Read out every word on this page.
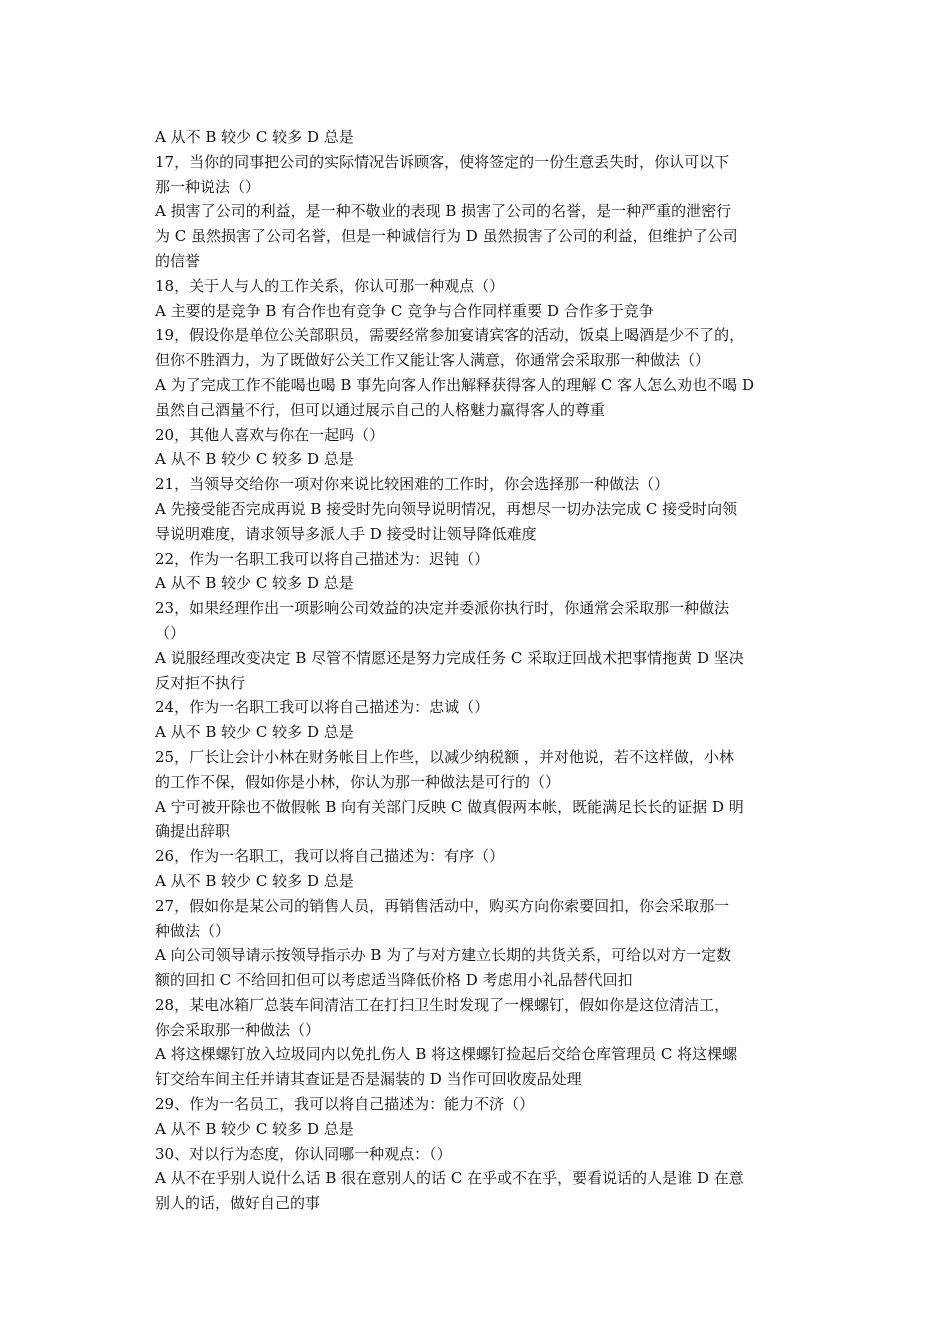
A 从不 B 较少 C 较多 D 总是
17，当你的同事把公司的实际情况告诉顾客，使将签定的一份生意丢失时，你认可以下
那一种说法（）
A 损害了公司的利益，是一种不敬业的表现 B 损害了公司的名誉，是一种严重的泄密行
为 C 虽然损害了公司名誉，但是一种诚信行为 D 虽然损害了公司的利益，但维护了公司
的信誉
18，关于人与人的工作关系，你认可那一种观点（）
A 主要的是竞争 B 有合作也有竞争 C 竞争与合作同样重要 D 合作多于竞争
19，假设你是单位公关部职员，需要经常参加宴请宾客的活动，饭桌上喝酒是少不了的，
但你不胜酒力，为了既做好公关工作又能让客人满意，你通常会采取那一种做法（）
A 为了完成工作不能喝也喝 B 事先向客人作出解释获得客人的理解 C 客人怎么劝也不喝 D
虽然自己酒量不行，但可以通过展示自己的人格魅力赢得客人的尊重
20，其他人喜欢与你在一起吗（）
A 从不 B 较少 C 较多 D 总是
21，当领导交给你一项对你来说比较困难的工作时，你会选择那一种做法（）
A 先接受能否完成再说 B 接受时先向领导说明情况，再想尽一切办法完成 C 接受时向领
导说明难度，请求领导多派人手 D 接受时让领导降低难度
22，作为一名职工我可以将自己描述为：迟钝（）
A 从不 B 较少 C 较多 D 总是
23，如果经理作出一项影响公司效益的决定并委派你执行时，你通常会采取那一种做法
（）
A 说服经理改变决定 B 尽管不情愿还是努力完成任务 C 采取迂回战术把事情拖黄 D 坚决
反对拒不执行
24，作为一名职工我可以将自己描述为：忠诚（）
A 从不 B 较少 C 较多 D 总是
25，厂长让会计小林在财务帐目上作些，以减少纳税额 ，并对他说，若不这样做，小林
的工作不保，假如你是小林，你认为那一种做法是可行的（）
A 宁可被开除也不做假帐 B 向有关部门反映 C 做真假两本帐，既能满足长长的证据 D 明
确提出辞职
26，作为一名职工，我可以将自己描述为：有序（）
A 从不 B 较少 C 较多 D 总是
27，假如你是某公司的销售人员，再销售活动中，购买方向你索要回扣，你会采取那一
种做法（）
A 向公司领导请示按领导指示办 B 为了与对方建立长期的共货关系，可给以对方一定数
额的回扣 C 不给回扣但可以考虑适当降低价格 D 考虑用小礼品替代回扣
28，某电冰箱厂总装车间清洁工在打扫卫生时发现了一棵螺钉，假如你是这位清洁工，
你会采取那一种做法（）
A 将这棵螺钉放入垃圾同内以免扎伤人 B 将这棵螺钉捡起后交给仓库管理员 C 将这棵螺
钉交给车间主任并请其查证是否是漏装的 D 当作可回收废品处理
29、作为一名员工，我可以将自己描述为：能力不济（）
A 从不 B 较少 C 较多 D 总是
30、对以行为态度，你认同哪一种观点：（）
A 从不在乎别人说什么话 B 很在意别人的话 C 在乎或不在乎，要看说话的人是谁 D 在意
别人的话，做好自己的事
